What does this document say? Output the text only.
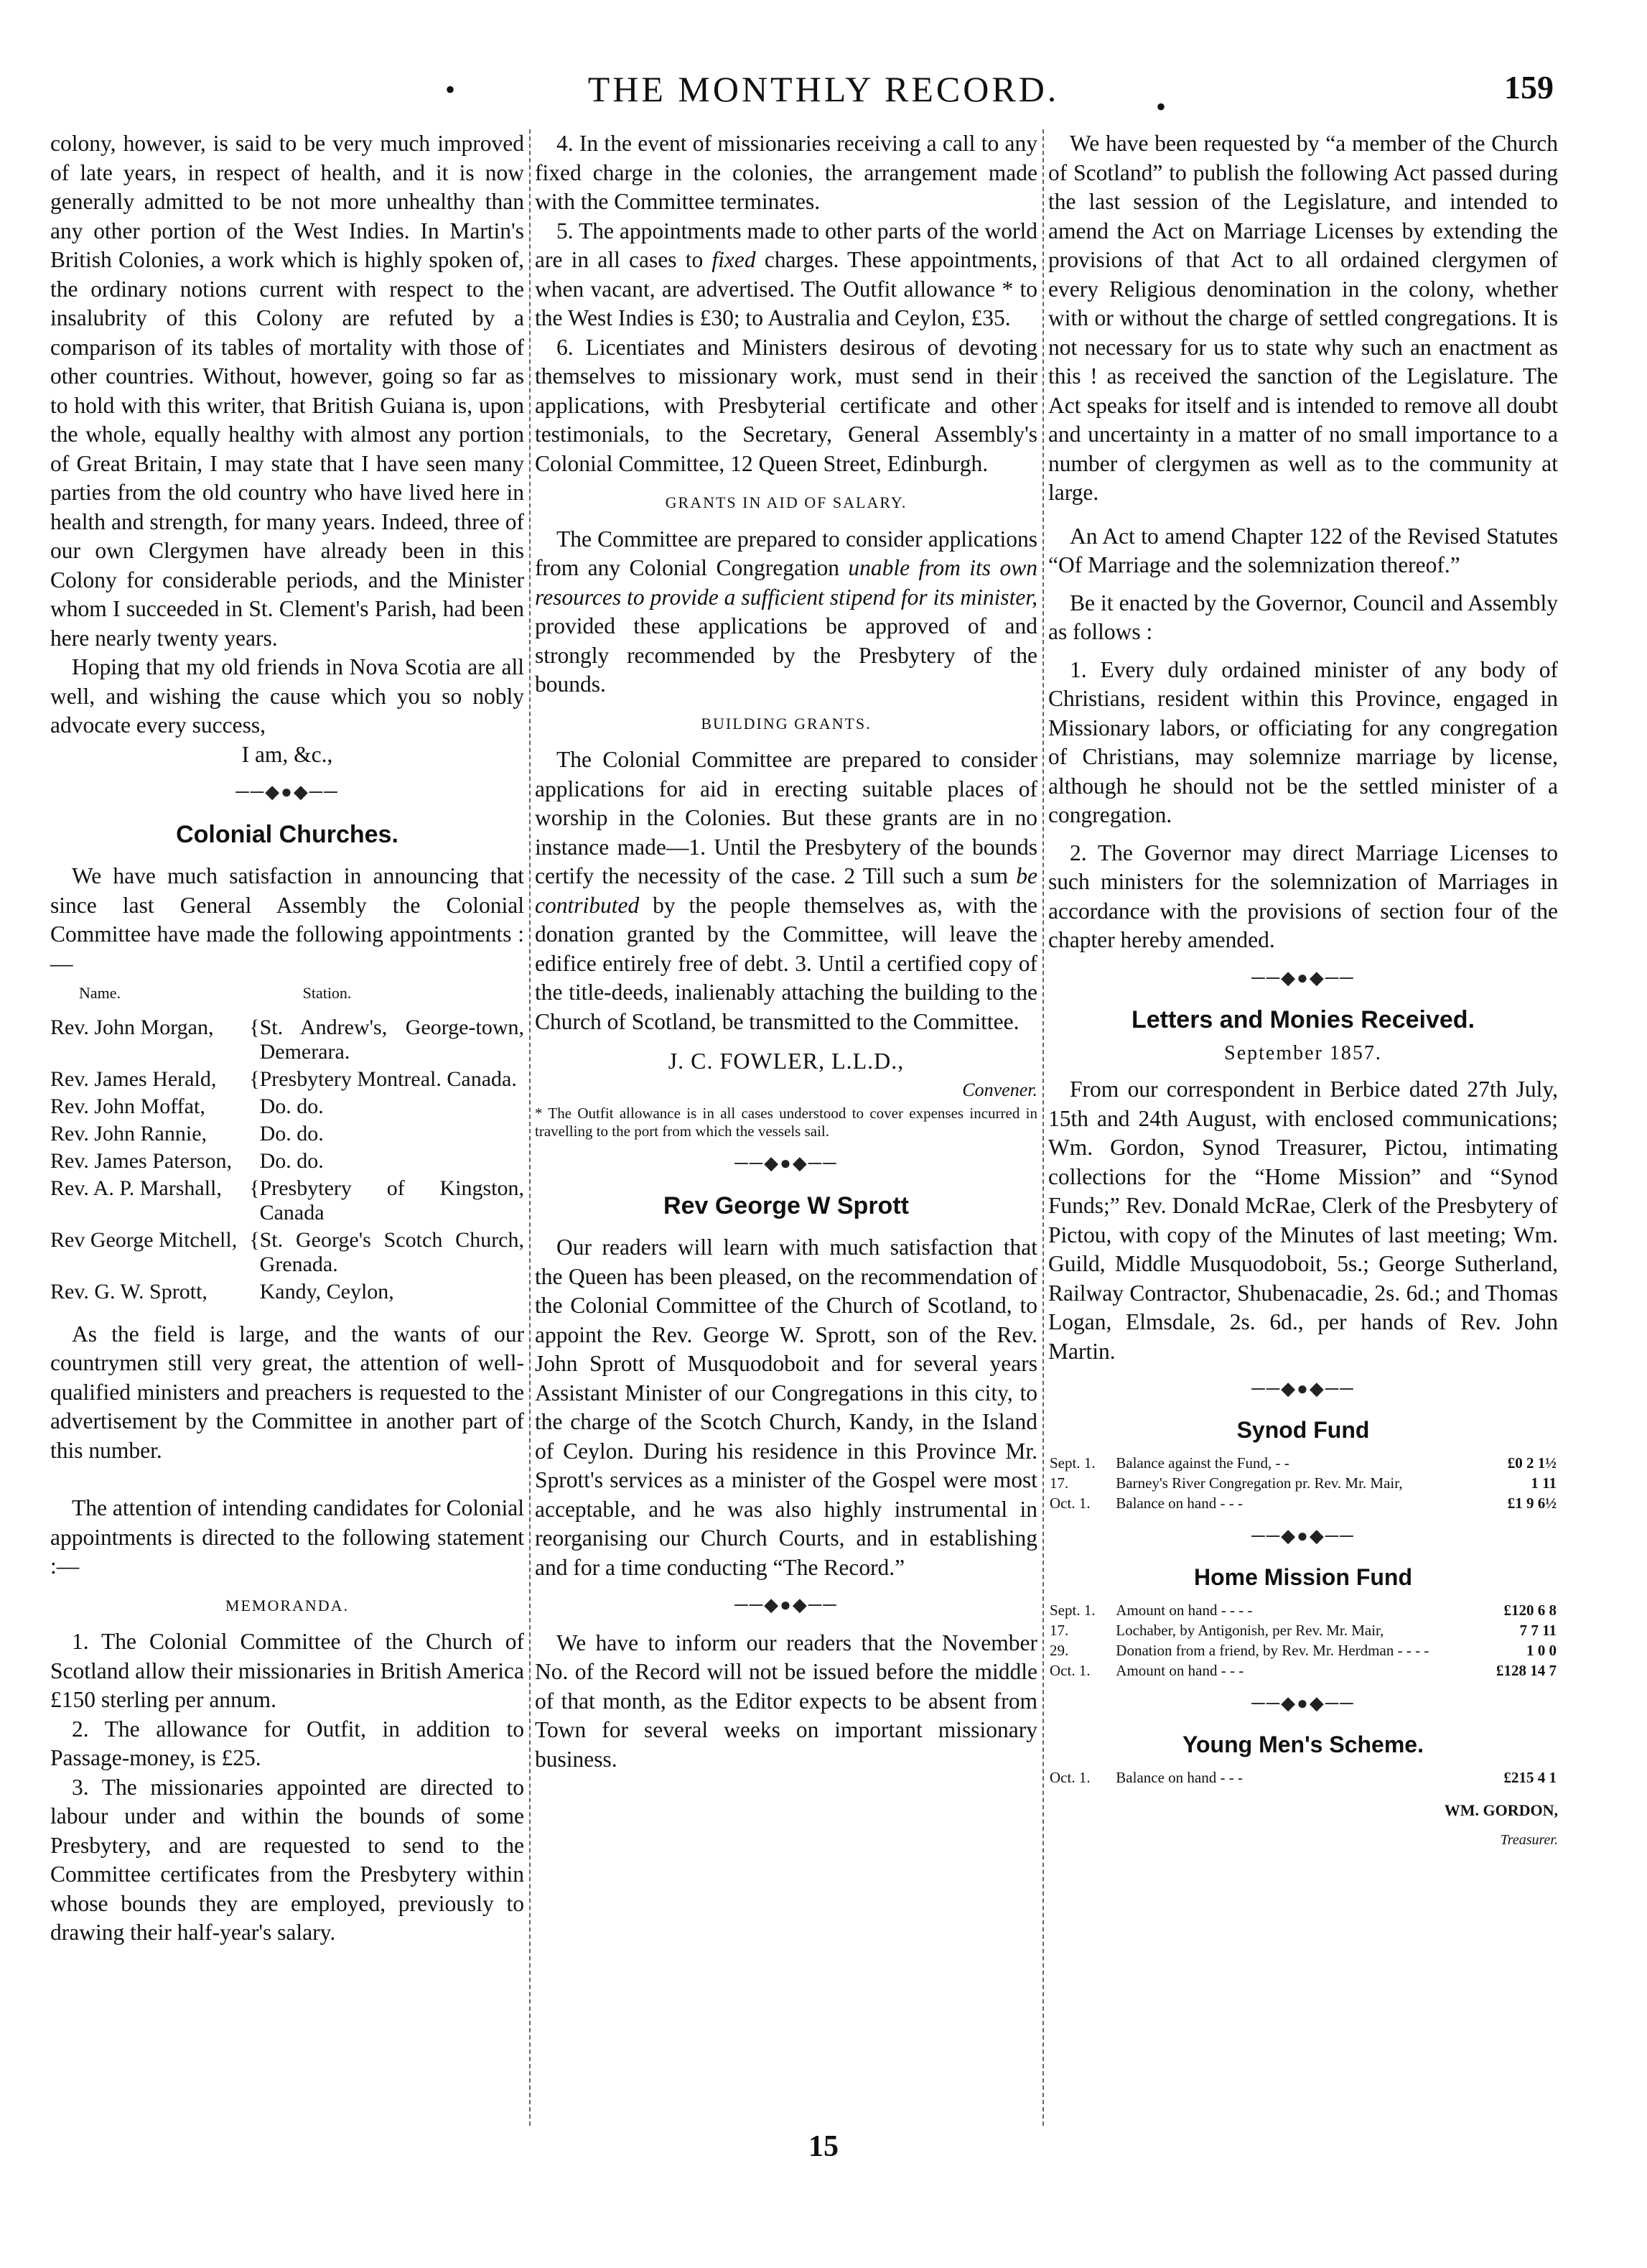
•	THE MONTHLY RECORD.	•
159

colony, however, is said to be very much improved of late years, in respect of health, and it is now generally admitted to be not more unhealthy than any other portion of the West Indies. In Martin's British Colonies, a work which is highly spoken of, the ordinary notions current with respect to the insalubrity of this Colony are refuted by a comparison of its tables of mortality with those of other countries. Without, however, going so far as to hold with this writer, that British Guiana is, upon the whole, equally healthy with almost any portion of Great Britain, I may state that I have seen many parties from the old country who have lived here in health and strength, for many years. Indeed, three of our own Clergymen have already been in this Colony for considerable periods, and the Minister whom I succeeded in St. Clement's Parish, had been here nearly twenty years.

Hoping that my old friends in Nova Scotia are all well, and wishing the cause which you so nobly advocate every success,

I am, &c.,

──◆●◆──
Colonial Churches.

We have much satisfaction in announcing that since last General Assembly the Colonial Committee have made the following appointments :—

Name.		Station.
Rev. John Morgan,	{	St. Andrew's, George-town, Demerara.
Rev. James Herald,	{	Presbytery Montreal. Canada.
Rev. John Moffat,		Do. do.
Rev. John Rannie,		Do. do.
Rev. James Paterson,		Do. do.
Rev. A. P. Marshall,	{	Presbytery of Kingston, Canada
Rev George Mitchell,	{	St. George's Scotch Church, Grenada.
Rev. G. W. Sprott,		Kandy, Ceylon,

As the field is large, and the wants of our countrymen still very great, the attention of well-qualified ministers and preachers is requested to the advertisement by the Committee in another part of this number.

The attention of intending candidates for Colonial appointments is directed to the following statement :—

MEMORANDA.

1. The Colonial Committee of the Church of Scotland allow their missionaries in British America £150 sterling per annum.

2. The allowance for Outfit, in addition to Passage-money, is £25.

3. The missionaries appointed are directed to labour under and within the bounds of some Presbytery, and are requested to send to the Committee certificates from the Presbytery within whose bounds they are employed, previously to drawing their half-year's salary.

4. In the event of missionaries receiving a call to any fixed charge in the colonies, the arrangement made with the Committee terminates.

5. The appointments made to other parts of the world are in all cases to fixed charges. These appointments, when vacant, are advertised. The Outfit allowance * to the West Indies is £30; to Australia and Ceylon, £35.

6. Licentiates and Ministers desirous of devoting themselves to missionary work, must send in their applications, with Presbyterial certificate and other testimonials, to the Secretary, General Assembly's Colonial Committee, 12 Queen Street, Edinburgh.

GRANTS IN AID OF SALARY.

The Committee are prepared to consider applications from any Colonial Congregation unable from its own resources to provide a sufficient stipend for its minister, provided these applications be approved of and strongly recommended by the Presbytery of the bounds.

BUILDING GRANTS.

The Colonial Committee are prepared to consider applications for aid in erecting suitable places of worship in the Colonies. But these grants are in no instance made—1. Until the Presbytery of the bounds certify the necessity of the case. 2 Till such a sum be contributed by the people themselves as, with the donation granted by the Committee, will leave the edifice entirely free of debt. 3. Until a certified copy of the title-deeds, inalienably attaching the building to the Church of Scotland, be transmitted to the Committee.

J. C. FOWLER, L.L.D.,
Convener.

* The Outfit allowance is in all cases understood to cover expenses incurred in travelling to the port from which the vessels sail.

──◆●◆──
Rev George W Sprott

Our readers will learn with much satisfaction that the Queen has been pleased, on the recommendation of the Colonial Committee of the Church of Scotland, to appoint the Rev. George W. Sprott, son of the Rev. John Sprott of Musquodoboit and for several years Assistant Minister of our Congregations in this city, to the charge of the Scotch Church, Kandy, in the Island of Ceylon. During his residence in this Province Mr. Sprott's services as a minister of the Gospel were most acceptable, and he was also highly instrumental in reorganising our Church Courts, and in establishing and for a time conducting “The Record.”

──◆●◆──

We have to inform our readers that the November No. of the Record will not be issued before the middle of that month, as the Editor expects to be absent from Town for several weeks on important missionary business.

We have been requested by “a member of the Church of Scotland” to publish the following Act passed during the last session of the Legislature, and intended to amend the Act on Marriage Licenses by extending the provisions of that Act to all ordained clergymen of every Religious denomination in the colony, whether with or without the charge of settled congregations. It is not necessary for us to state why such an enactment as this ! as received the sanction of the Legislature. The Act speaks for itself and is intended to remove all doubt and uncertainty in a matter of no small importance to a number of clergymen as well as to the community at large.

An Act to amend Chapter 122 of the Revised Statutes “Of Marriage and the solemnization thereof.”

Be it enacted by the Governor, Council and Assembly as follows :

1. Every duly ordained minister of any body of Christians, resident within this Province, engaged in Missionary labors, or officiating for any congregation of Christians, may solemnize marriage by license, although he should not be the settled minister of a congregation.

2. The Governor may direct Marriage Licenses to such ministers for the solemnization of Marriages in accordance with the provisions of section four of the chapter hereby amended.

──◆●◆──
Letters and Monies Received.
September 1857.

From our correspondent in Berbice dated 27th July, 15th and 24th August, with enclosed communications; Wm. Gordon, Synod Treasurer, Pictou, intimating collections for the “Home Mission” and “Synod Funds;” Rev. Donald McRae, Clerk of the Presbytery of Pictou, with copy of the Minutes of last meeting; Wm. Guild, Middle Musquodoboit, 5s.; George Sutherland, Railway Contractor, Shubenacadie, 2s. 6d.; and Thomas Logan, Elmsdale, 2s. 6d., per hands of Rev. John Martin.

──◆●◆──
Synod Fund
Sept. 1.	Balance against the Fund, - -	£0 2 1½
17.	Barney's River Congregation pr. Rev. Mr. Mair,	1 11
Oct. 1.	Balance on hand - - -	£1 9 6½
──◆●◆──
Home Mission Fund
Sept. 1.	Amount on hand - - - -	£120 6 8
17.	Lochaber, by Antigonish, per Rev. Mr. Mair,	7 7 11
29.	Donation from a friend, by Rev. Mr. Herdman - - - -	1 0 0
Oct. 1.	Amount on hand - - -	£128 14 7
──◆●◆──
Young Men's Scheme.
Oct. 1.	Balance on hand - - -	£215 4 1
WM. GORDON,
Treasurer.
15
